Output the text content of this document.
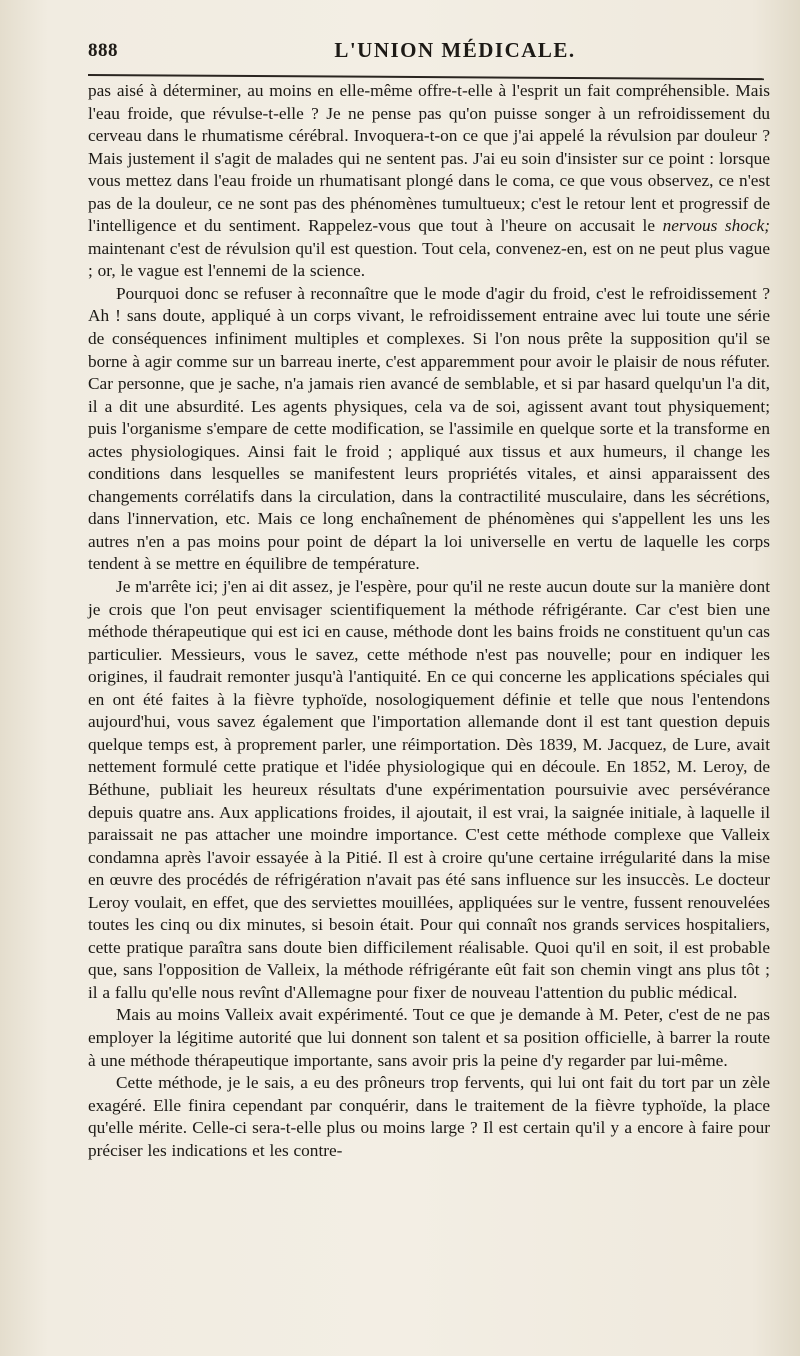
888	L'UNION MÉDICALE.

pas aisé à déterminer, au moins en elle-même offre-t-elle à l'esprit un fait compréhensible. Mais l'eau froide, que révulse-t-elle ? Je ne pense pas qu'on puisse songer à un refroidissement du cerveau dans le rhumatisme cérébral. Invoquera-t-on ce que j'ai appelé la révulsion par douleur ? Mais justement il s'agit de malades qui ne sentent pas. J'ai eu soin d'insister sur ce point : lorsque vous mettez dans l'eau froide un rhumatisant plongé dans le coma, ce que vous observez, ce n'est pas de la douleur, ce ne sont pas des phénomènes tumultueux; c'est le retour lent et progressif de l'intelligence et du sentiment. Rappelez-vous que tout à l'heure on accusait le nervous shock; maintenant c'est de révulsion qu'il est question. Tout cela, convenez-en, est on ne peut plus vague ; or, le vague est l'ennemi de la science.

Pourquoi donc se refuser à reconnaître que le mode d'agir du froid, c'est le refroidissement ? Ah ! sans doute, appliqué à un corps vivant, le refroidissement entraine avec lui toute une série de conséquences infiniment multiples et complexes. Si l'on nous prête la supposition qu'il se borne à agir comme sur un barreau inerte, c'est apparemment pour avoir le plaisir de nous réfuter. Car personne, que je sache, n'a jamais rien avancé de semblable, et si par hasard quelqu'un l'a dit, il a dit une absurdité. Les agents physiques, cela va de soi, agissent avant tout physiquement; puis l'organisme s'empare de cette modification, se l'assimile en quelque sorte et la transforme en actes physiologiques. Ainsi fait le froid ; appliqué aux tissus et aux humeurs, il change les conditions dans lesquelles se manifestent leurs propriétés vitales, et ainsi apparaissent des changements corrélatifs dans la circulation, dans la contractilité musculaire, dans les sécrétions, dans l'innervation, etc. Mais ce long enchaînement de phénomènes qui s'appellent les uns les autres n'en a pas moins pour point de départ la loi universelle en vertu de laquelle les corps tendent à se mettre en équilibre de température.

Je m'arrête ici; j'en ai dit assez, je l'espère, pour qu'il ne reste aucun doute sur la manière dont je crois que l'on peut envisager scientifiquement la méthode réfrigérante. Car c'est bien une méthode thérapeutique qui est ici en cause, méthode dont les bains froids ne constituent qu'un cas particulier. Messieurs, vous le savez, cette méthode n'est pas nouvelle; pour en indiquer les origines, il faudrait remonter jusqu'à l'antiquité. En ce qui concerne les applications spéciales qui en ont été faites à la fièvre typhoïde, nosologiquement définie et telle que nous l'entendons aujourd'hui, vous savez également que l'importation allemande dont il est tant question depuis quelque temps est, à proprement parler, une réimportation. Dès 1839, M. Jacquez, de Lure, avait nettement formulé cette pratique et l'idée physiologique qui en découle. En 1852, M. Leroy, de Béthune, publiait les heureux résultats d'une expérimentation poursuivie avec persévérance depuis quatre ans. Aux applications froides, il ajoutait, il est vrai, la saignée initiale, à laquelle il paraissait ne pas attacher une moindre importance. C'est cette méthode complexe que Valleix condamna après l'avoir essayée à la Pitié. Il est à croire qu'une certaine irrégularité dans la mise en œuvre des procédés de réfrigération n'avait pas été sans influence sur les insuccès. Le docteur Leroy voulait, en effet, que des serviettes mouillées, appliquées sur le ventre, fussent renouvelées toutes les cinq ou dix minutes, si besoin était. Pour qui connaît nos grands services hospitaliers, cette pratique paraîtra sans doute bien difficilement réalisable. Quoi qu'il en soit, il est probable que, sans l'opposition de Valleix, la méthode réfrigérante eût fait son chemin vingt ans plus tôt ; il a fallu qu'elle nous revînt d'Allemagne pour fixer de nouveau l'attention du public médical.

Mais au moins Valleix avait expérimenté. Tout ce que je demande à M. Peter, c'est de ne pas employer la légitime autorité que lui donnent son talent et sa position officielle, à barrer la route à une méthode thérapeutique importante, sans avoir pris la peine d'y regarder par lui-même.

Cette méthode, je le sais, a eu des prôneurs trop fervents, qui lui ont fait du tort par un zèle exagéré. Elle finira cependant par conquérir, dans le traitement de la fièvre typhoïde, la place qu'elle mérite. Celle-ci sera-t-elle plus ou moins large ? Il est certain qu'il y a encore à faire pour préciser les indications et les contre-
